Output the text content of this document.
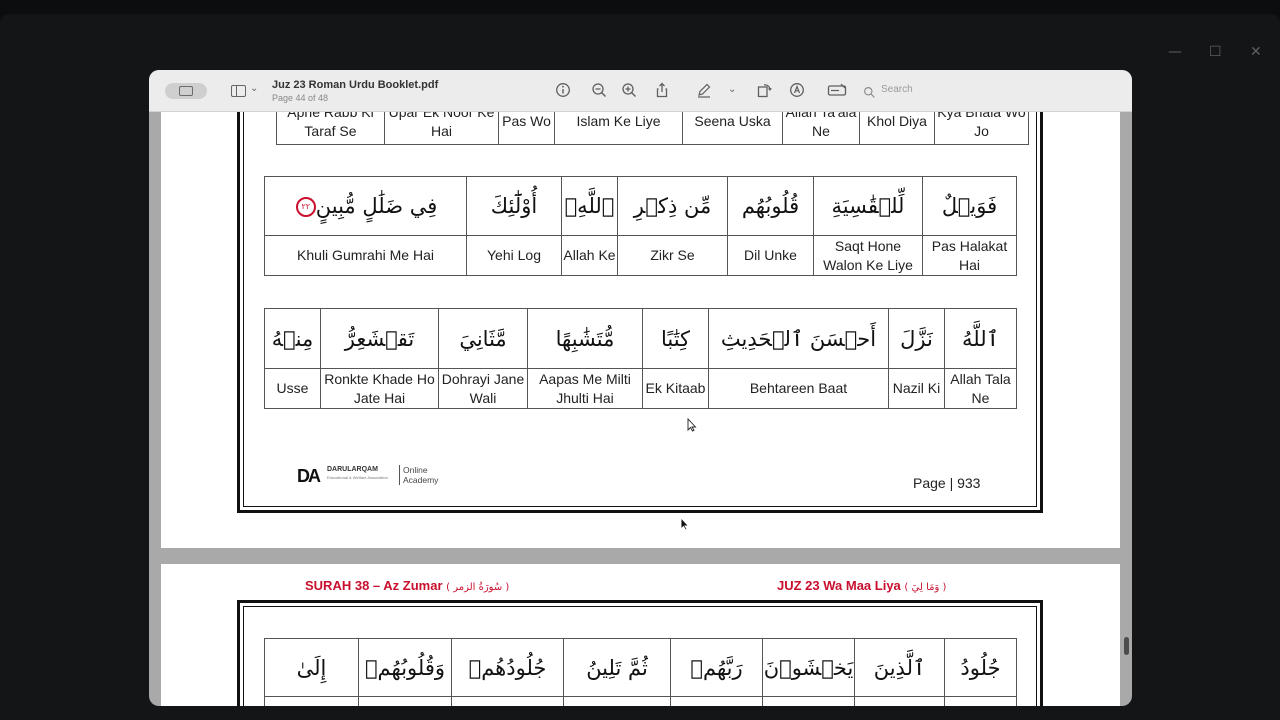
— ☐ ✕
⌄ Juz 23 Roman Urdu Booklet.pdf
Page 44 of 48
⌄	Search
Taraf Se	Hai	Pas Wo	Islam Ke Liye	Seena Uska	Ne	Khol Diya	Jo
فِي ضَلَٰلٍ مُّبِينٍ٢٢	أُوْلَٰٓئِكَ	ٱللَّهِۚ	مِّن ذِكۡرِ	قُلُوبُهُم	لِّلۡقَٰسِيَةِ	فَوَيۡلٌ
Khuli Gumrahi Me Hai	Yehi Log	Allah Ke	Zikr Se	Dil Unke	Saqt Hone Walon Ke Liye	Pas Halakat Hai
مِنۡهُ	تَقۡشَعِرُّ	مَّثَانِيَ	مُّتَشَٰبِهًا	كِتَٰبًا	أَحۡسَنَ ٱلۡحَدِيثِ	نَزَّلَ	ٱللَّهُ
Usse	Ronkte Khade Ho Jate Hai	Dohrayi Jane Wali	Aapas Me Milti Jhulti Hai	Ek Kitaab	Behtareen Baat	Nazil Ki	Allah Tala Ne
DA DARULARQAM
Educational & Welfare Association
Online Academy	Page | 933
SURAH 38 – Az Zumar ( سُورَةُ الزمر )	JUZ 23 Wa Maa Liya ( وَمَا لِيَ )
إِلَىٰ	وَقُلُوبُهُمۡ	جُلُودُهُمۡ	ثُمَّ تَلِينُ	رَبَّهُمۡ	يَخۡشَوۡنَ	ٱلَّذِينَ	جُلُودُ
